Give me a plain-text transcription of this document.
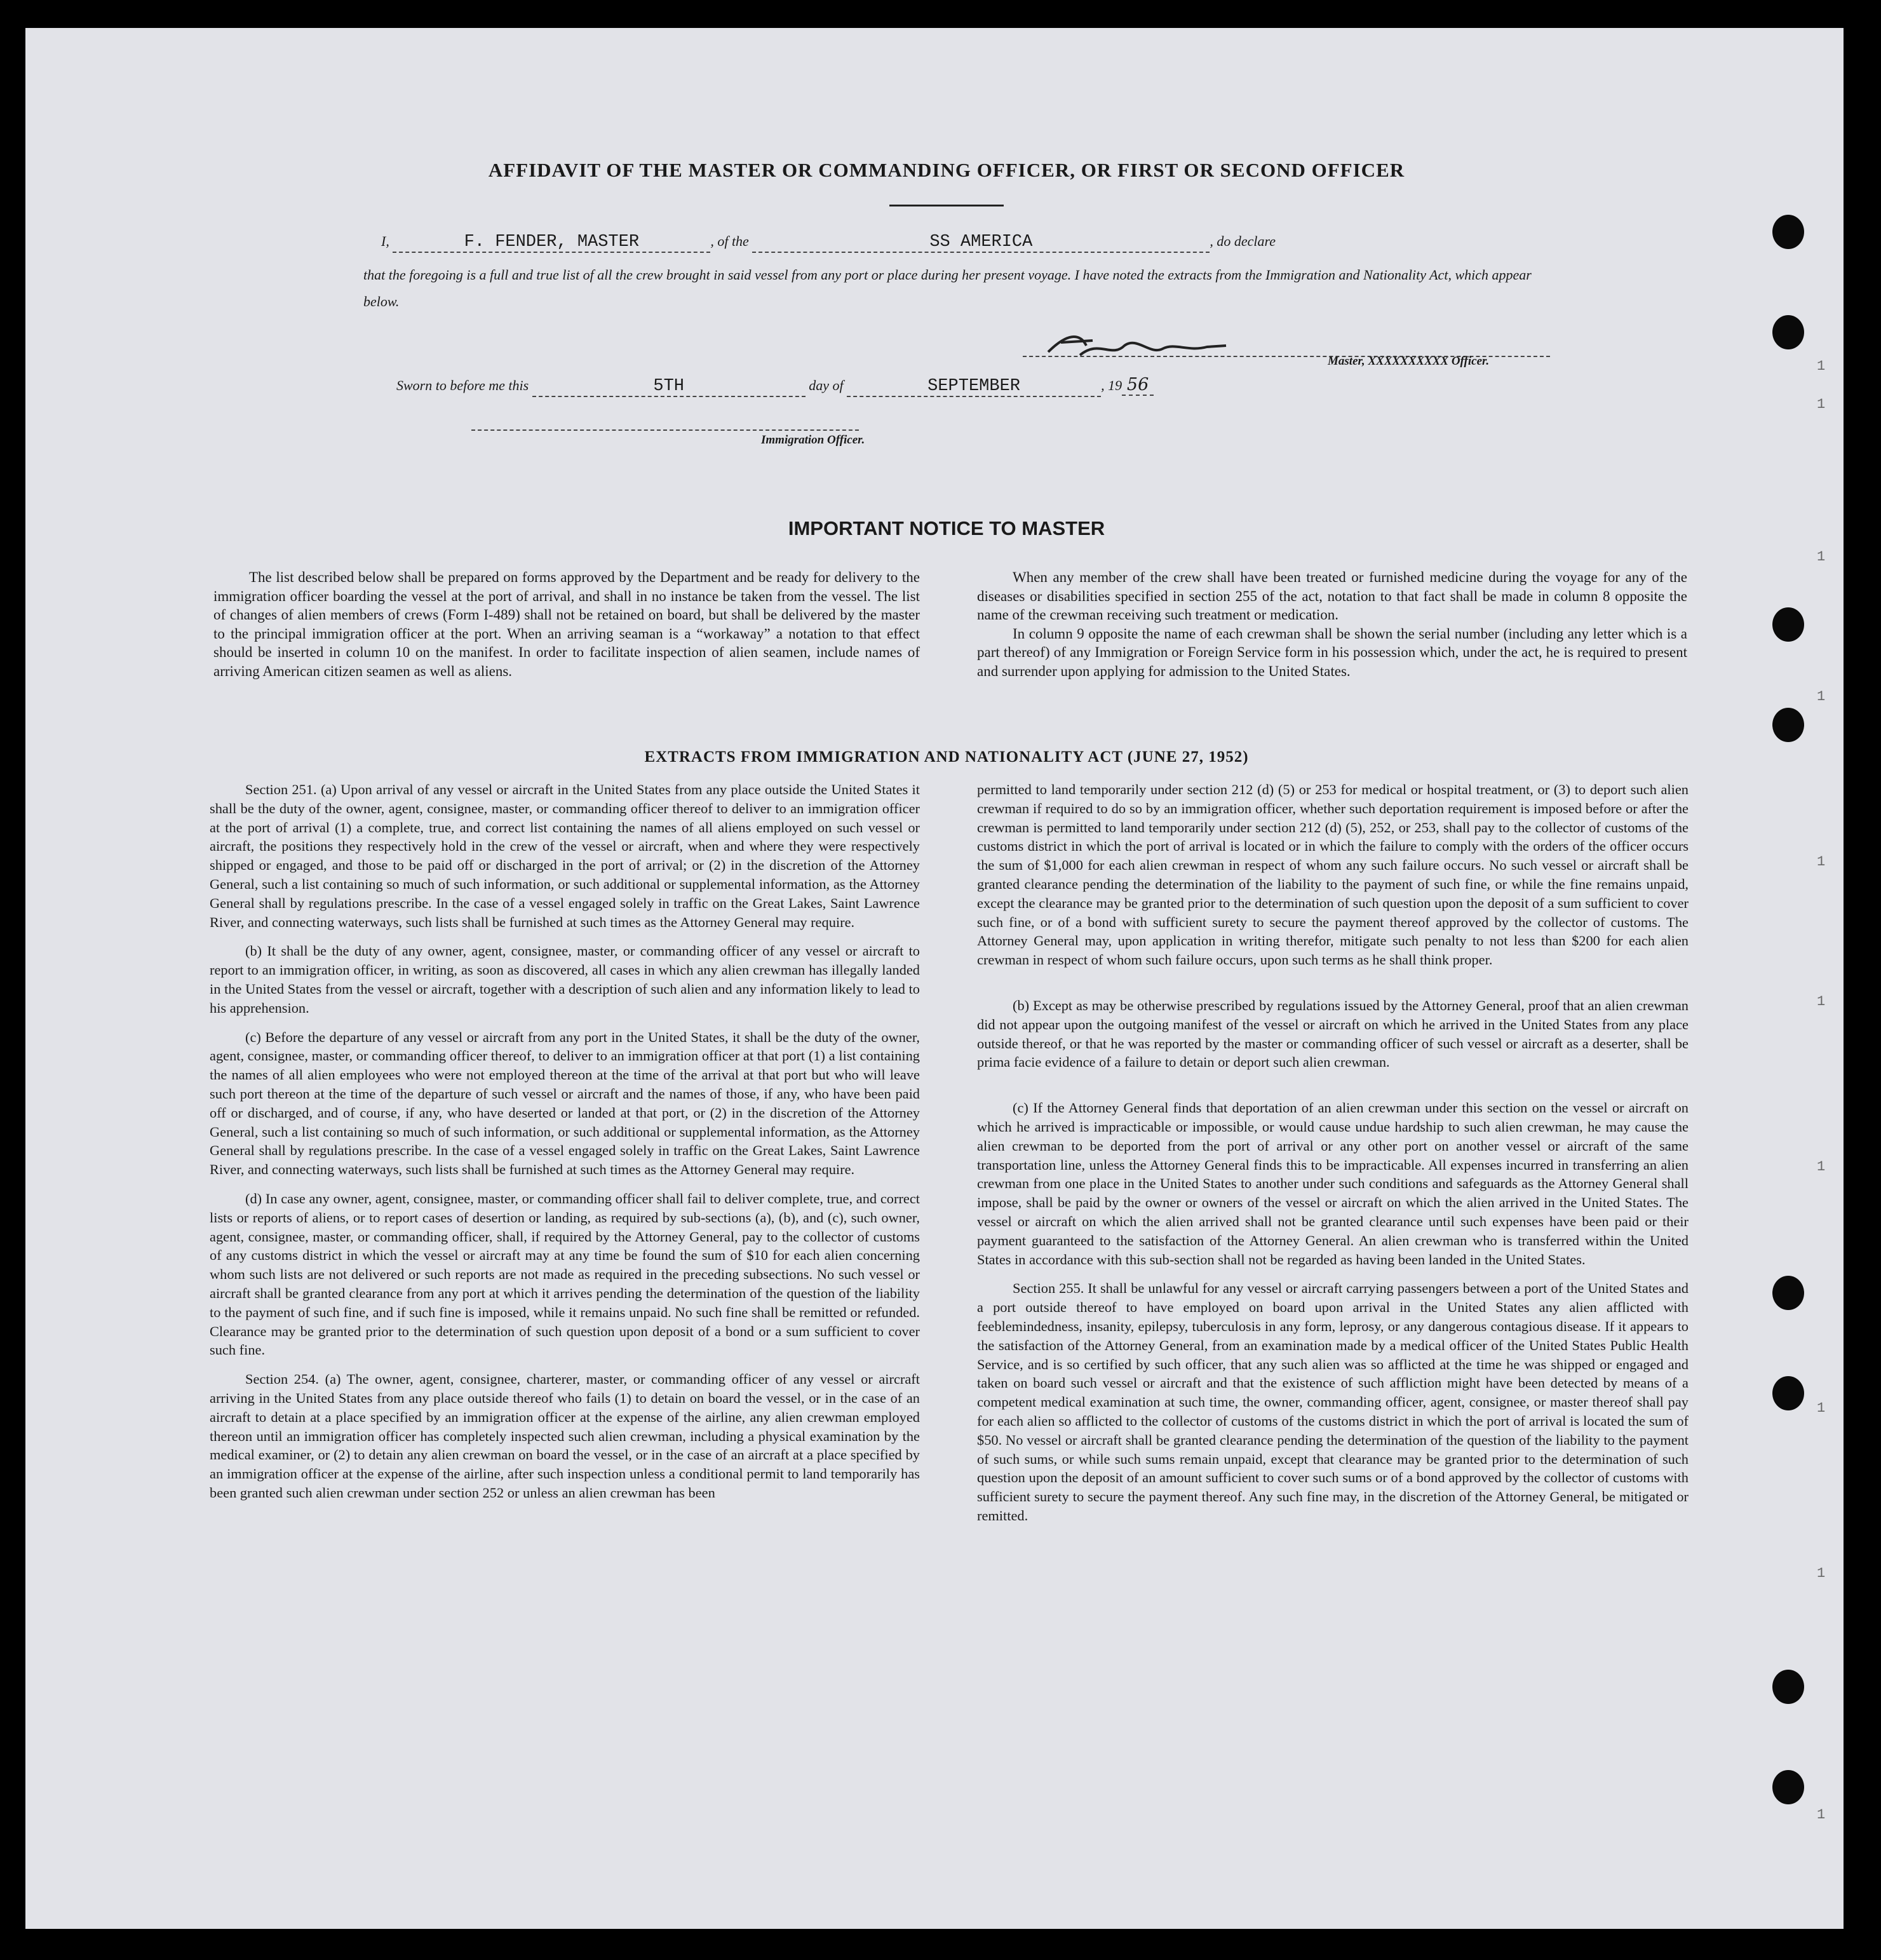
AFFIDAVIT OF THE MASTER OR COMMANDING OFFICER, OR FIRST OR SECOND OFFICER
I,	F. FENDER, MASTER	, of the	SS AMERICA	, do declare
that the foregoing is a full and true list of all the crew brought in said vessel from any port or place during her present voyage. I have noted the extracts from the Immigration and Nationality Act, which appear below.
Master, XXXXXXXXXX Officer.
Sworn to before me this	5TH	day of	SEPTEMBER	, 19 56
Immigration Officer.
IMPORTANT NOTICE TO MASTER

The list described below shall be prepared on forms approved by the Department and be ready for delivery to the immigration officer boarding the vessel at the port of arrival, and shall in no instance be taken from the vessel. The list of changes of alien members of crews (Form I-489) shall not be retained on board, but shall be delivered by the master to the principal immigration officer at the port. When an arriving seaman is a “workaway” a notation to that effect should be inserted in column 10 on the manifest. In order to facilitate inspection of alien seamen, include names of arriving American citizen seamen as well as aliens.

When any member of the crew shall have been treated or furnished medicine during the voyage for any of the diseases or disabilities specified in section 255 of the act, notation to that fact shall be made in column 8 opposite the name of the crewman receiving such treatment or medication.

In column 9 opposite the name of each crewman shall be shown the serial number (including any letter which is a part thereof) of any Immigration or Foreign Service form in his possession which, under the act, he is required to present and surrender upon applying for admission to the United States.

EXTRACTS FROM IMMIGRATION AND NATIONALITY ACT (JUNE 27, 1952)

Section 251. (a) Upon arrival of any vessel or aircraft in the United States from any place outside the United States it shall be the duty of the owner, agent, consignee, master, or commanding officer thereof to deliver to an immigration officer at the port of arrival (1) a complete, true, and correct list containing the names of all aliens employed on such vessel or aircraft, the positions they respectively hold in the crew of the vessel or aircraft, when and where they were respectively shipped or engaged, and those to be paid off or discharged in the port of arrival; or (2) in the discretion of the Attorney General, such a list containing so much of such information, or such additional or supplemental information, as the Attorney General shall by regulations prescribe. In the case of a vessel engaged solely in traffic on the Great Lakes, Saint Lawrence River, and connecting waterways, such lists shall be furnished at such times as the Attorney General may require.

(b) It shall be the duty of any owner, agent, consignee, master, or commanding officer of any vessel or aircraft to report to an immigration officer, in writing, as soon as discovered, all cases in which any alien crewman has illegally landed in the United States from the vessel or aircraft, together with a description of such alien and any information likely to lead to his apprehension.

(c) Before the departure of any vessel or aircraft from any port in the United States, it shall be the duty of the owner, agent, consignee, master, or commanding officer thereof, to deliver to an immigration officer at that port (1) a list containing the names of all alien employees who were not employed thereon at the time of the arrival at that port but who will leave such port thereon at the time of the departure of such vessel or aircraft and the names of those, if any, who have been paid off or discharged, and of course, if any, who have deserted or landed at that port, or (2) in the discretion of the Attorney General, such a list containing so much of such information, or such additional or supplemental information, as the Attorney General shall by regulations prescribe. In the case of a vessel engaged solely in traffic on the Great Lakes, Saint Lawrence River, and connecting waterways, such lists shall be furnished at such times as the Attorney General may require.

(d) In case any owner, agent, consignee, master, or commanding officer shall fail to deliver complete, true, and correct lists or reports of aliens, or to report cases of desertion or landing, as required by sub-sections (a), (b), and (c), such owner, agent, consignee, master, or commanding officer, shall, if required by the Attorney General, pay to the collector of customs of any customs district in which the vessel or aircraft may at any time be found the sum of $10 for each alien concerning whom such lists are not delivered or such reports are not made as required in the preceding subsections. No such vessel or aircraft shall be granted clearance from any port at which it arrives pending the determination of the question of the liability to the payment of such fine, and if such fine is imposed, while it remains unpaid. No such fine shall be remitted or refunded. Clearance may be granted prior to the determination of such question upon deposit of a bond or a sum sufficient to cover such fine.

Section 254. (a) The owner, agent, consignee, charterer, master, or commanding officer of any vessel or aircraft arriving in the United States from any place outside thereof who fails (1) to detain on board the vessel, or in the case of an aircraft to detain at a place specified by an immigration officer at the expense of the airline, any alien crewman employed thereon until an immigration officer has completely inspected such alien crewman, including a physical examination by the medical examiner, or (2) to detain any alien crewman on board the vessel, or in the case of an aircraft at a place specified by an immigration officer at the expense of the airline, after such inspection unless a conditional permit to land temporarily has been granted such alien crewman under section 252 or unless an alien crewman has been

permitted to land temporarily under section 212 (d) (5) or 253 for medical or hospital treatment, or (3) to deport such alien crewman if required to do so by an immigration officer, whether such deportation requirement is imposed before or after the crewman is permitted to land temporarily under section 212 (d) (5), 252, or 253, shall pay to the collector of customs of the customs district in which the port of arrival is located or in which the failure to comply with the orders of the officer occurs the sum of $1,000 for each alien crewman in respect of whom any such failure occurs. No such vessel or aircraft shall be granted clearance pending the determination of the liability to the payment of such fine, or while the fine remains unpaid, except the clearance may be granted prior to the determination of such question upon the deposit of a sum sufficient to cover such fine, or of a bond with sufficient surety to secure the payment thereof approved by the collector of customs. The Attorney General may, upon application in writing therefor, mitigate such penalty to not less than $200 for each alien crewman in respect of whom such failure occurs, upon such terms as he shall think proper.

(b) Except as may be otherwise prescribed by regulations issued by the Attorney General, proof that an alien crewman did not appear upon the outgoing manifest of the vessel or aircraft on which he arrived in the United States from any place outside thereof, or that he was reported by the master or commanding officer of such vessel or aircraft as a deserter, shall be prima facie evidence of a failure to detain or deport such alien crewman.

(c) If the Attorney General finds that deportation of an alien crewman under this section on the vessel or aircraft on which he arrived is impracticable or impossible, or would cause undue hardship to such alien crewman, he may cause the alien crewman to be deported from the port of arrival or any other port on another vessel or aircraft of the same transportation line, unless the Attorney General finds this to be impracticable. All expenses incurred in transferring an alien crewman from one place in the United States to another under such conditions and safeguards as the Attorney General shall impose, shall be paid by the owner or owners of the vessel or aircraft on which the alien arrived in the United States. The vessel or aircraft on which the alien arrived shall not be granted clearance until such expenses have been paid or their payment guaranteed to the satisfaction of the Attorney General. An alien crewman who is transferred within the United States in accordance with this sub-section shall not be regarded as having been landed in the United States.

Section 255. It shall be unlawful for any vessel or aircraft carrying passengers between a port of the United States and a port outside thereof to have employed on board upon arrival in the United States any alien afflicted with feeblemindedness, insanity, epilepsy, tuberculosis in any form, leprosy, or any dangerous contagious disease. If it appears to the satisfaction of the Attorney General, from an examination made by a medical officer of the United States Public Health Service, and is so certified by such officer, that any such alien was so afflicted at the time he was shipped or engaged and taken on board such vessel or aircraft and that the existence of such affliction might have been detected by means of a competent medical examination at such time, the owner, commanding officer, agent, consignee, or master thereof shall pay for each alien so afflicted to the collector of customs of the customs district in which the port of arrival is located the sum of $50. No vessel or aircraft shall be granted clearance pending the determination of the question of the liability to the payment of such sums, or while such sums remain unpaid, except that clearance may be granted prior to the determination of such question upon the deposit of an amount sufficient to cover such sums or of a bond approved by the collector of customs with sufficient surety to secure the payment thereof. Any such fine may, in the discretion of the Attorney General, be mitigated or remitted.

1
1
1
1
1
1
1
1
1
1
